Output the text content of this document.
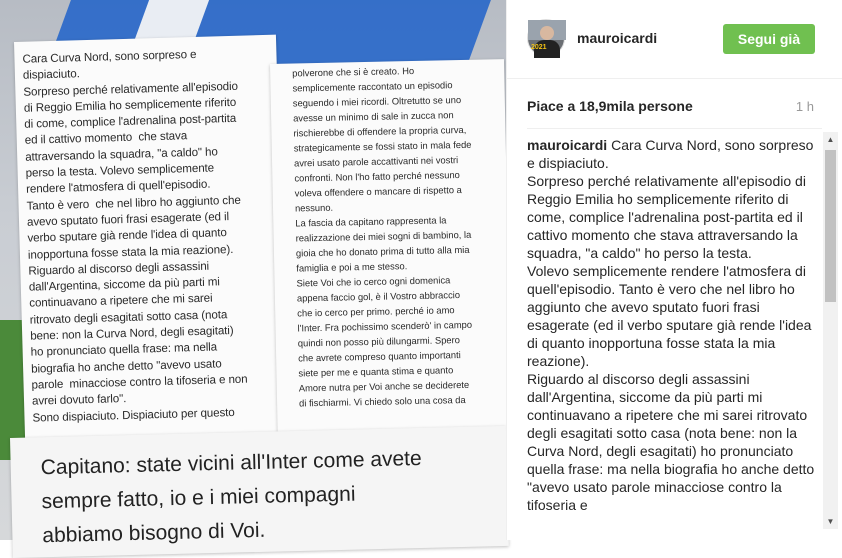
Cara Curva Nord, sono sorpreso e
dispiaciuto.
Sorpreso perché relativamente all'episodio
di Reggio Emilia ho semplicemente riferito
di come, complice l'adrenalina post-partita
ed il cattivo momento  che stava
attraversando la squadra, "a caldo" ho
perso la testa. Volevo semplicemente
rendere l'atmosfera di quell'episodio.
Tanto è vero  che nel libro ho aggiunto che
avevo sputato fuori frasi esagerate (ed il
verbo sputare già rende l'idea di quanto
inopportuna fosse stata la mia reazione).
Riguardo al discorso degli assassini
dall'Argentina, siccome da più parti mi
continuavano a ripetere che mi sarei
ritrovato degli esagitati sotto casa (nota
bene: non la Curva Nord, degli esagitati)
ho pronunciato quella frase: ma nella
biografia ho anche detto "avevo usato
parole  minacciose contro la tifoseria e non
avrei dovuto farlo".
Sono dispiaciuto. Dispiaciuto per questo

polverone che si è creato. Ho
semplicemente raccontato un episodio
seguendo i miei ricordi. Oltretutto se uno
avesse un minimo di sale in zucca non
rischierebbe di offendere la propria curva,
strategicamente se fossi stato in mala fede
avrei usato parole accattivanti nei vostri
confronti. Non l'ho fatto perché nessuno
voleva offendere o mancare di rispetto a
nessuno.
La fascia da capitano rappresenta la
realizzazione dei miei sogni di bambino, la
gioia che ho donato prima di tutto alla mia
famiglia e poi a me stesso.
Siete Voi che io cerco ogni domenica
appena faccio gol, è il Vostro abbraccio
che io cerco per primo. perché io amo
l'Inter. Fra pochissimo scenderò' in campo
quindi non posso più dilungarmi. Spero
che avrete compreso quanto importanti
siete per me e quanta stima e quanto
Amore nutra per Voi anche se deciderete
di fischiarmi. Vi chiedo solo una cosa da

Capitano: state vicini all'Inter come avete
sempre fatto, io e i miei compagni
abbiamo bisogno di Voi.

2021
mauroicardi	Segui già
Piace a 18,9mila persone	1 h
mauroicardi Cara Curva Nord, sono sorpreso e dispiaciuto.
Sorpreso perché relativamente all'episodio di Reggio Emilia ho semplicemente riferito di come, complice l'adrenalina post-partita ed il cattivo momento che stava attraversando la squadra, "a caldo" ho perso la testa.
Volevo semplicemente rendere l'atmosfera di quell'episodio. Tanto è vero che nel libro ho aggiunto che avevo sputato fuori frasi esagerate (ed il verbo sputare già rende l'idea di quanto inopportuna fosse stata la mia reazione).
Riguardo al discorso degli assassini dall'Argentina, siccome da più parti mi continuavano a ripetere che mi sarei ritrovato degli esagitati sotto casa (nota bene: non la Curva Nord, degli esagitati) ho pronunciato quella frase: ma nella biografia ho anche detto "avevo usato parole minacciose contro la tifoseria e
▲
▼
